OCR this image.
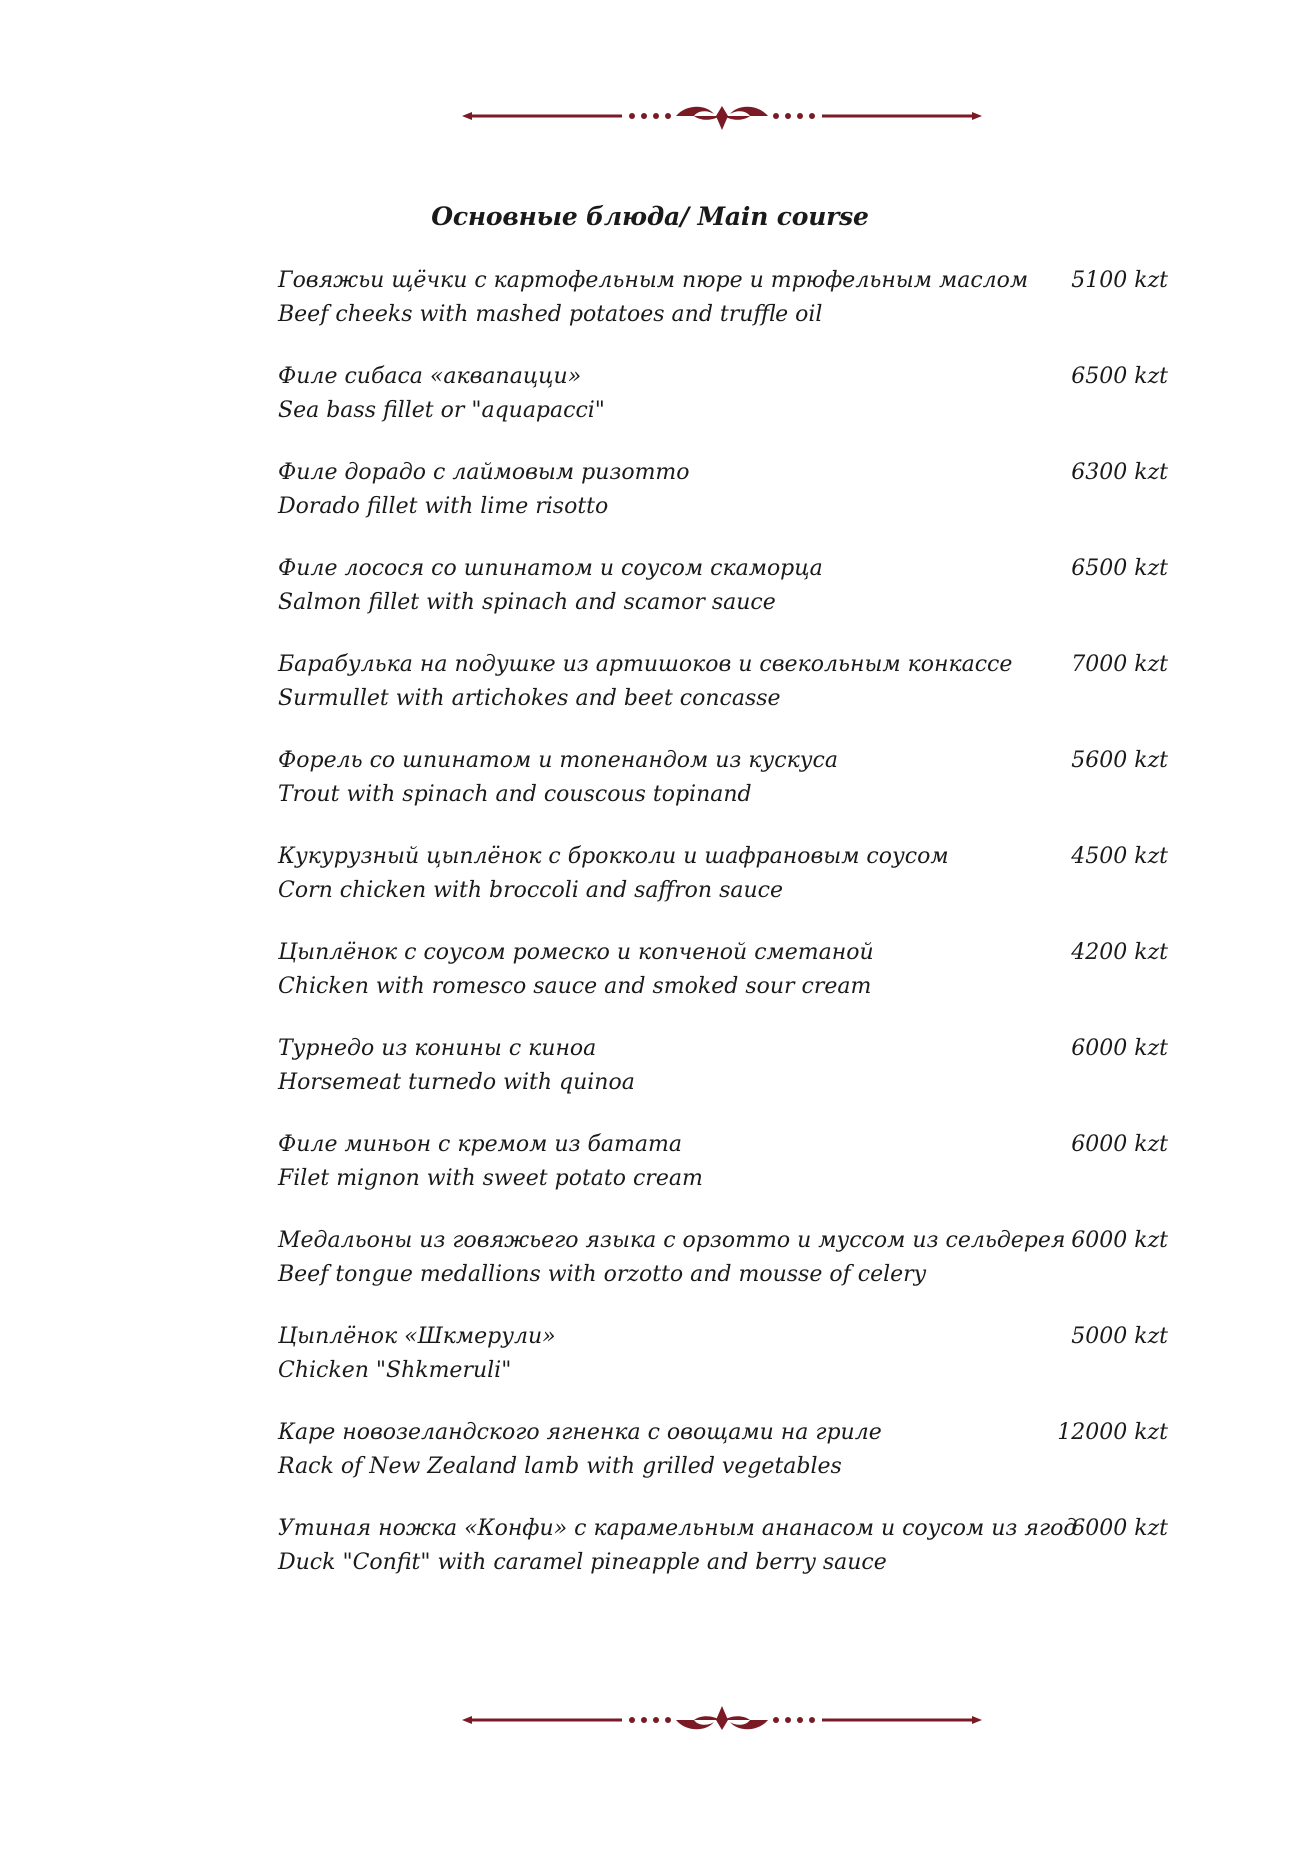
Основные блюда/ Main course
Говяжьи щёчки с картофельным пюре и трюфельным маслом
Beef cheeks with mashed potatoes and truffle oil
5100 kzt
Филе сибаса «аквапацци»
Sea bass fillet or "aquapacci"
6500 kzt
Филе дорадо с лаймовым ризотто
Dorado fillet with lime risotto
6300 kzt
Филе лосося со шпинатом и соусом скаморца
Salmon fillet with spinach and scamor sauce
6500 kzt
Барабулька на подушке из артишоков и свекольным конкассе
Surmullet with artichokes and beet concasse
7000 kzt
Форель со шпинатом и топенандом из кускуса
Trout with spinach and couscous topinand
5600 kzt
Кукурузный цыплёнок с брокколи и шафрановым соусом
Corn chicken with broccoli and saffron sauce
4500 kzt
Цыплёнок с соусом ромеско и копченой сметаной
Chicken with romesco sauce and smoked sour cream
4200 kzt
Турнедо из конины с киноа
Horsemeat turnedo with quinoa
6000 kzt
Филе миньон с кремом из батата
Filet mignon with sweet potato cream
6000 kzt
Медальоны из говяжьего языка с орзотто и муссом из сельдерея
Beef tongue medallions with orzotto and mousse of celery
6000 kzt
Цыплёнок «Шкмерули»
Chicken "Shkmeruli"
5000 kzt
Каре новозеландского ягненка с овощами на гриле
Rack of New Zealand lamb with grilled vegetables
12000 kzt
Утиная ножка «Конфи» с карамельным ананасом и соусом из ягод
Duck "Confit" with caramel pineapple and berry sauce
6000 kzt
